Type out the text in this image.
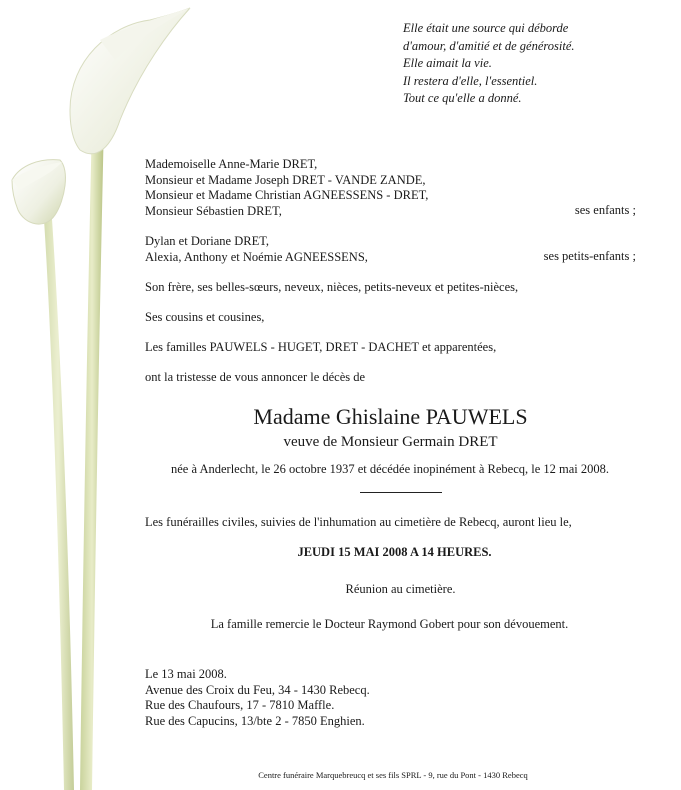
Elle était une source qui déborde
d'amour, d'amitié et de générosité.
Elle aimait la vie.
Il restera d'elle, l'essentiel.
Tout ce qu'elle a donné.
Mademoiselle Anne-Marie DRET,
Monsieur et Madame Joseph DRET - VANDE ZANDE,
Monsieur et Madame Christian AGNEESSENS - DRET,
Monsieur Sébastien DRET,	ses enfants ;
Dylan et Doriane DRET,
Alexia, Anthony et Noémie AGNEESSENS,	ses petits-enfants ;
Son frère, ses belles-sœurs, neveux, nièces, petits-neveux et petites-nièces,
Ses cousins et cousines,
Les familles PAUWELS - HUGET, DRET - DACHET et apparentées,
ont la tristesse de vous annoncer le décès de
Madame Ghislaine PAUWELS
veuve de Monsieur Germain DRET
née à Anderlecht, le 26 octobre 1937 et décédée inopinément à Rebecq, le 12 mai 2008.
Les funérailles civiles, suivies de l'inhumation au cimetière de Rebecq, auront lieu le,
JEUDI 15 MAI 2008 A 14 HEURES.
Réunion au cimetière.
La famille remercie le Docteur Raymond Gobert pour son dévouement.
Le 13 mai 2008.
Avenue des Croix du Feu, 34 - 1430 Rebecq.
Rue des Chaufours, 17 - 7810 Maffle.
Rue des Capucins, 13/bte 2 - 7850 Enghien.
Centre funéraire Marquebreucq et ses fils SPRL - 9, rue du Pont - 1430 Rebecq
